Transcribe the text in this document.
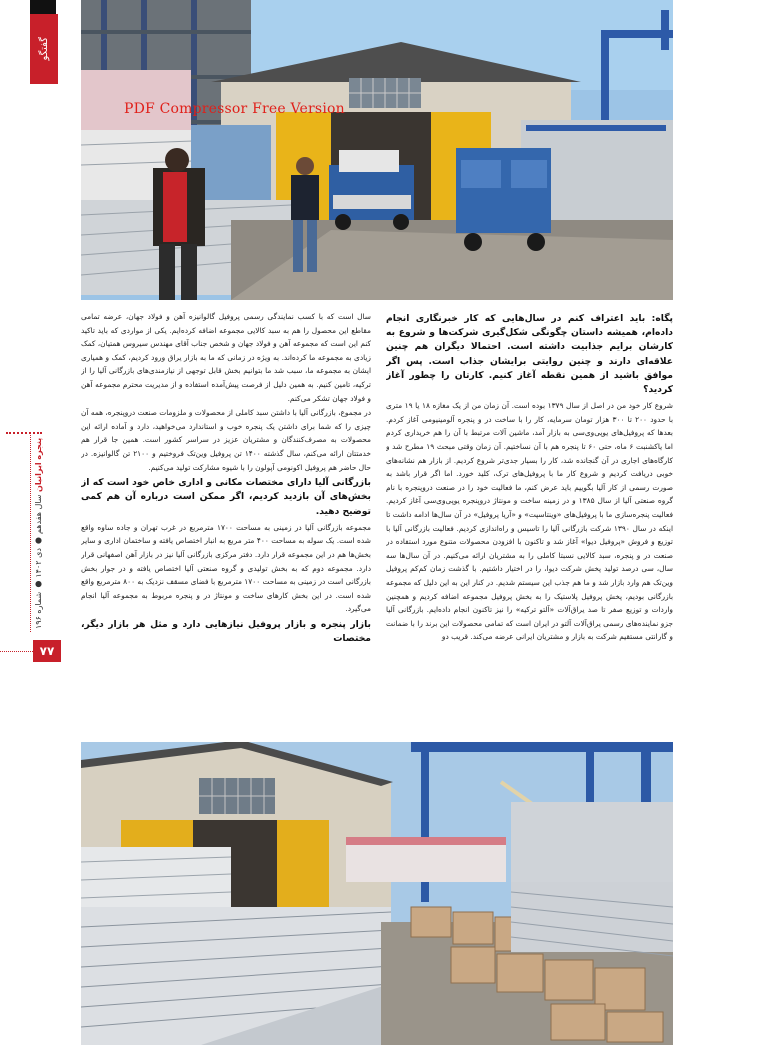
گفتگو
PDF Compressor Free Version
پنجره ایرانیان سال هفدهم ● دی ۱۴۰۲ ● شماره ۱۹۶
۷۷

پگاه: باید اعتراف کنم در سال‌هایی که کار خبرنگاری انجام داده‌ام، همیشه داستان چگونگی شکل‌گیری شرکت‌ها و شروع به کارشان برایم جذابیت داشته است. احتمالا دیگران هم چنین علاقه‌ای دارند و چنین روایتی برایشان جذاب است. پس اگر موافق باشید از همین نقطه آغاز کنیم. کارتان را چطور آغاز کردید؟

شروع کار خود من در اصل از سال ۱۳۷۹ بوده است. آن زمان من از یک مغازه ۱۸ یا ۱۹ متری با حدود ۲۰۰ تا ۳۰۰ هزار تومان سرمایه، کار را با ساخت در و پنجره آلومینیومی آغاز کردم. بعدها که پروفیل‌های یوپی‌وی‌سی به بازار آمد، ماشین آلات مرتبط با آن را هم خریداری کردم اما یاکشنبت ۶ ماه، حتی ۶۰ تا پنجره هم با آن نساختیم. آن زمان وقتی مبحث ۱۹ مطرح شد و کارگاه‌های اجاری در آن گنجانده شد، کار را بسیار جدی‌تر شروع کردیم. از بازار هم نشانه‌های خوبی دریافت کردیم و شروع کار ما با پروفیل‌های ترک، کلید خورد. اما اگر قرار باشد به صورت رسمی از کار آلیا بگوییم باید عرض کنم، ما فعالیت خود را در صنعت دروپنجره با نام گروه صنعتی آلیا از سال ۱۳۸۵ و در زمینه ساخت و مونتاژ دروپنجره یوپی‌وی‌سی آغاز کردیم. فعالیت پنجره‌سازی ما با پروفیل‌های «وینتاسپت» و «آریا پروفیل» در آن سال‌ها ادامه داشت تا اینکه در سال ۱۳۹۰ شرکت بازرگانی آلیا را تاسیس و راه‌اندازی کردیم. فعالیت بازرگانی آلیا با توزیع و فروش «پروفیل دیوا» آغاز شد و تاکنون با افزودن محصولات متنوع مورد استفاده در صنعت در و پنجره، سبد کالایی نسبتا کاملی را به مشتریان ارائه می‌کنیم. در آن سال‌ها سه سال، سی درصد تولید پخش شرکت دیوا، را در اختیار داشتیم. با گذشت زمان کم‌کم پروفیل وین‌تک هم وارد بازار شد و ما هم جذب این سیستم شدیم. در کنار این به این دلیل که مجموعه بازرگانی بودیم، پخش پروفیل پلاستیک را به بخش پروفیل مجموعه اضافه کردیم و همچنین واردات و توزیع صفر تا صد یراق‌آلات «آلتو ترکیه» را نیز تاکنون انجام داده‌ایم. بازرگانی آلیا جزو نماینده‌های رسمی یراق‌آلات آلتو در ایران است که تمامی محصولات این برند را با ضمانت و گارانتی مستقیم شرکت به بازار و مشتریان ایرانی عرضه می‌کند. قریب دو

سال است که با کسب نمایندگی رسمی پروفیل گالوانیزه آهن و فولاد جهان، عرضه تمامی مقاطع این محصول را هم به سبد کالایی مجموعه اضافه کرده‌ایم. یکی از مواردی که باید تاکید کنم این است که مجموعه آهن و فولاد جهان و شخص جناب آقای مهندس سیروس همتیان، کمک زیادی به مجموعه ما کرده‌اند. به ویژه در زمانی که ما به بازار یراق ورود کردیم، کمک و همیاری ایشان به مجموعه ما، سبب شد ما بتوانیم بخش قابل توجهی از نیازمندی‌های بازرگانی آلیا را از ترکیه، تامین کنیم. به همین دلیل از فرصت پیش‌آمده استفاده و از مدیریت محترم مجموعه آهن و فولاد جهان تشکر می‌کنم.

در مجموع، بازرگانی آلیا با داشتن سبد کاملی از محصولات و ملزومات صنعت دروپنجره، همه آن چیزی را که شما برای داشتن یک پنجره خوب و استاندارد می‌خواهید، دارد و آماده ارائه این محصولات به مصرف‌کنندگان و مشتریان عزیز در سراسر کشور است. همین جا قرار هم خدمتتان ارائه می‌کنم، سال گذشته ۱۴۰۰ تن پروفیل وین‌تک فروختیم و ۲۱۰۰ تن گالوانیزه. در حال حاضر هم پروفیل اکونومی آپولون را با شیوه مشارکت تولید می‌کنیم.

بازرگانی آلیا دارای مختصات مکانی و اداری خاص خود است که از بخش‌های آن بازدید کردیم، اگر ممکن است درباره آن هم کمی توضیح دهید.

مجموعه بازرگانی آلیا در زمینی به مساحت ۱۷۰۰ مترمربع در غرب تهران و جاده ساوه واقع شده است. یک سوله به مساحت ۴۰۰ متر مربع به انبار اختصاص یافته و ساختمان اداری و سایر بخش‌ها هم در این مجموعه قرار دارد. دفتر مرکزی بازرگانی آلیا نیز در بازار آهن اصفهانی قرار دارد. مجموعه دوم که به بخش تولیدی و گروه صنعتی آلیا اختصاص یافته و در جوار بخش بازرگانی است در زمینی به مساحت ۱۷۰۰ مترمربع با فضای مسقف نزدیک به ۸۰۰ مترمربع واقع شده است. در این بخش کارهای ساخت و مونتاژ در و پنجره مربوط به مجموعه آلیا انجام می‌گیرد.

بازار پنجره و بازار پروفیل نیازهایی دارد و مثل هر بازار دیگر، مختصات
